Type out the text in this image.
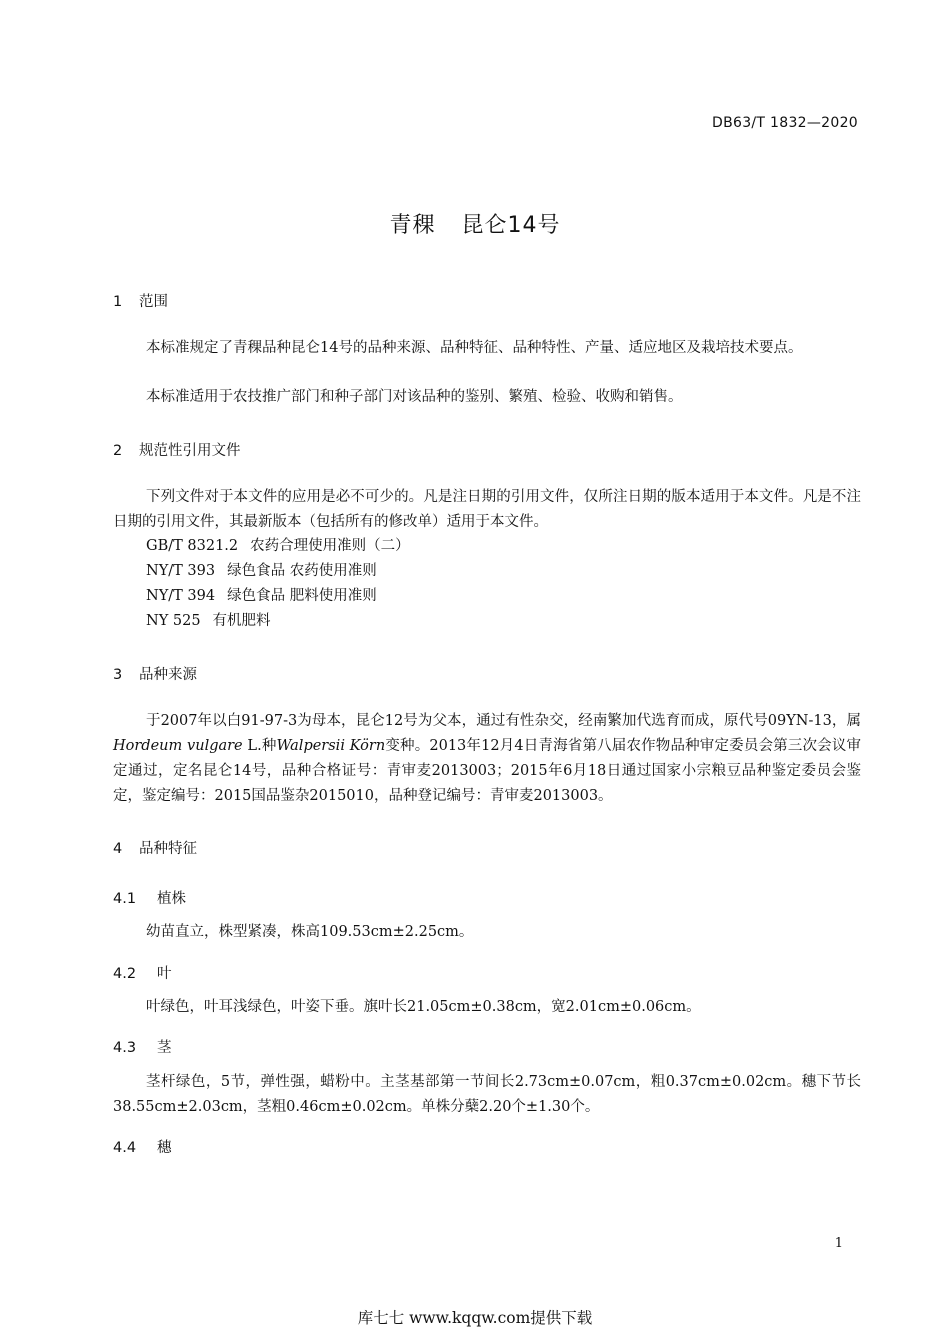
DB63/T 1832—2020
青稞 昆仑14号
1 范围
本标准规定了青稞品种昆仑14号的品种来源、品种特征、品种特性、产量、适应地区及栽培技术要点。
本标准适用于农技推广部门和种子部门对该品种的鉴别、繁殖、检验、收购和销售。
2 规范性引用文件
下列文件对于本文件的应用是必不可少的。凡是注日期的引用文件，仅所注日期的版本适用于本文件。凡是不注日期的引用文件，其最新版本（包括所有的修改单）适用于本文件。
GB/T 8321.2 农药合理使用准则（二）
NY/T 393 绿色食品 农药使用准则
NY/T 394 绿色食品 肥料使用准则
NY 525 有机肥料
3 品种来源
于2007年以白91-97-3为母本，昆仑12号为父本，通过有性杂交，经南繁加代选育而成，原代号09YN-13，属Hordeum vulgare L.种Walpersii Körn变种。2013年12月4日青海省第八届农作物品种审定委员会第三次会议审定通过，定名昆仑14号，品种合格证号：青审麦2013003；2015年6月18日通过国家小宗粮豆品种鉴定委员会鉴定，鉴定编号：2015国品鉴杂2015010，品种登记编号：青审麦2013003。
4 品种特征
4.1 植株
幼苗直立，株型紧凑，株高109.53cm±2.25cm。
4.2 叶
叶绿色，叶耳浅绿色，叶姿下垂。旗叶长21.05cm±0.38cm，宽2.01cm±0.06cm。
4.3 茎
茎杆绿色，5节，弹性强，蜡粉中。主茎基部第一节间长2.73cm±0.07cm，粗0.37cm±0.02cm。穗下节长38.55cm±2.03cm，茎粗0.46cm±0.02cm。单株分蘖2.20个±1.30个。
4.4 穗
1
库七七 www.kqqw.com提供下载
